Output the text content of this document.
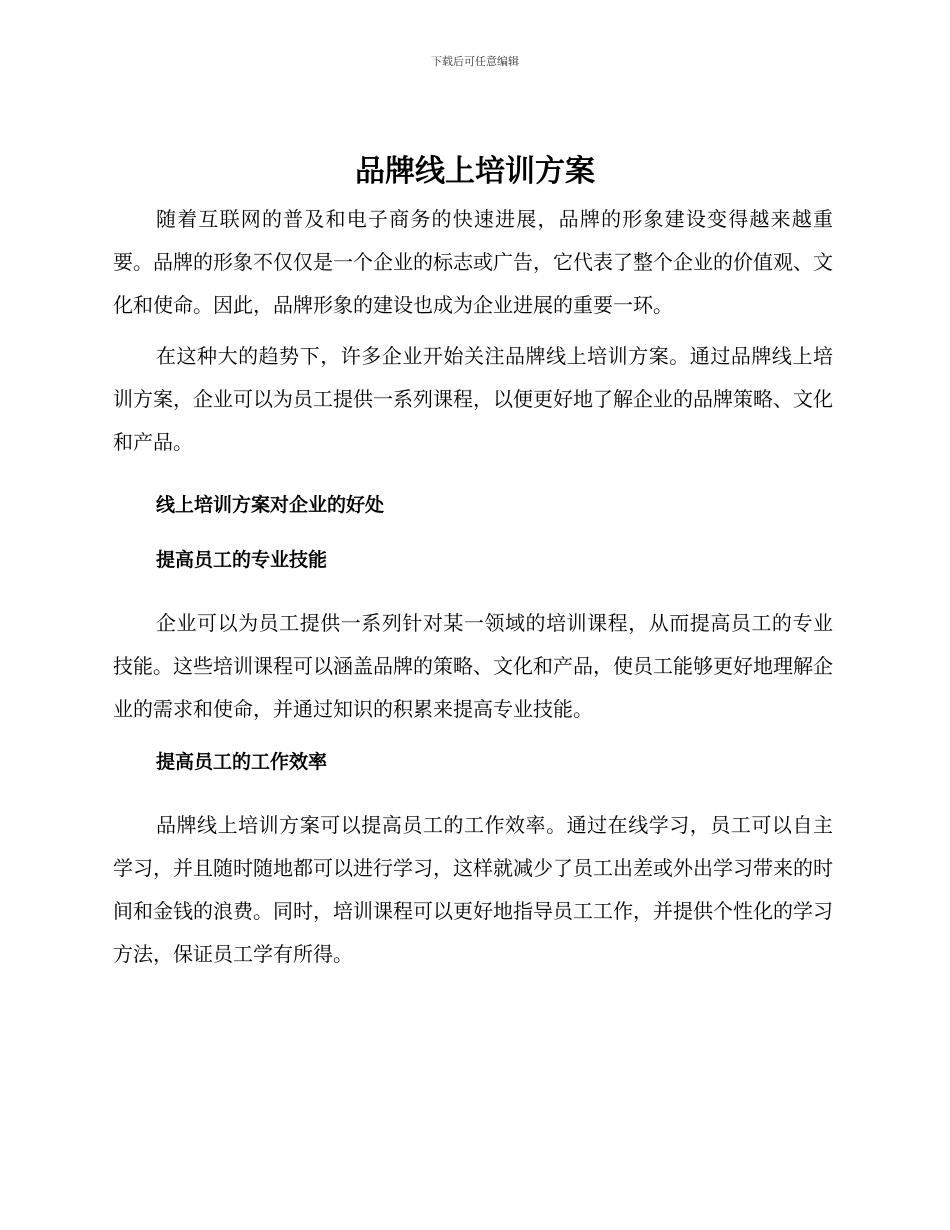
下载后可任意编辑
品牌线上培训方案

随着互联网的普及和电子商务的快速进展，品牌的形象建设变得越来越重要。品牌的形象不仅仅是一个企业的标志或广告，它代表了整个企业的价值观、文化和使命。因此，品牌形象的建设也成为企业进展的重要一环。

在这种大的趋势下，许多企业开始关注品牌线上培训方案。通过品牌线上培训方案，企业可以为员工提供一系列课程，以便更好地了解企业的品牌策略、文化和产品。

线上培训方案对企业的好处
提高员工的专业技能

企业可以为员工提供一系列针对某一领域的培训课程，从而提高员工的专业技能。这些培训课程可以涵盖品牌的策略、文化和产品，使员工能够更好地理解企业的需求和使命，并通过知识的积累来提高专业技能。

提高员工的工作效率

品牌线上培训方案可以提高员工的工作效率。通过在线学习，员工可以自主学习，并且随时随地都可以进行学习，这样就减少了员工出差或外出学习带来的时间和金钱的浪费。同时，培训课程可以更好地指导员工工作，并提供个性化的学习方法，保证员工学有所得。
